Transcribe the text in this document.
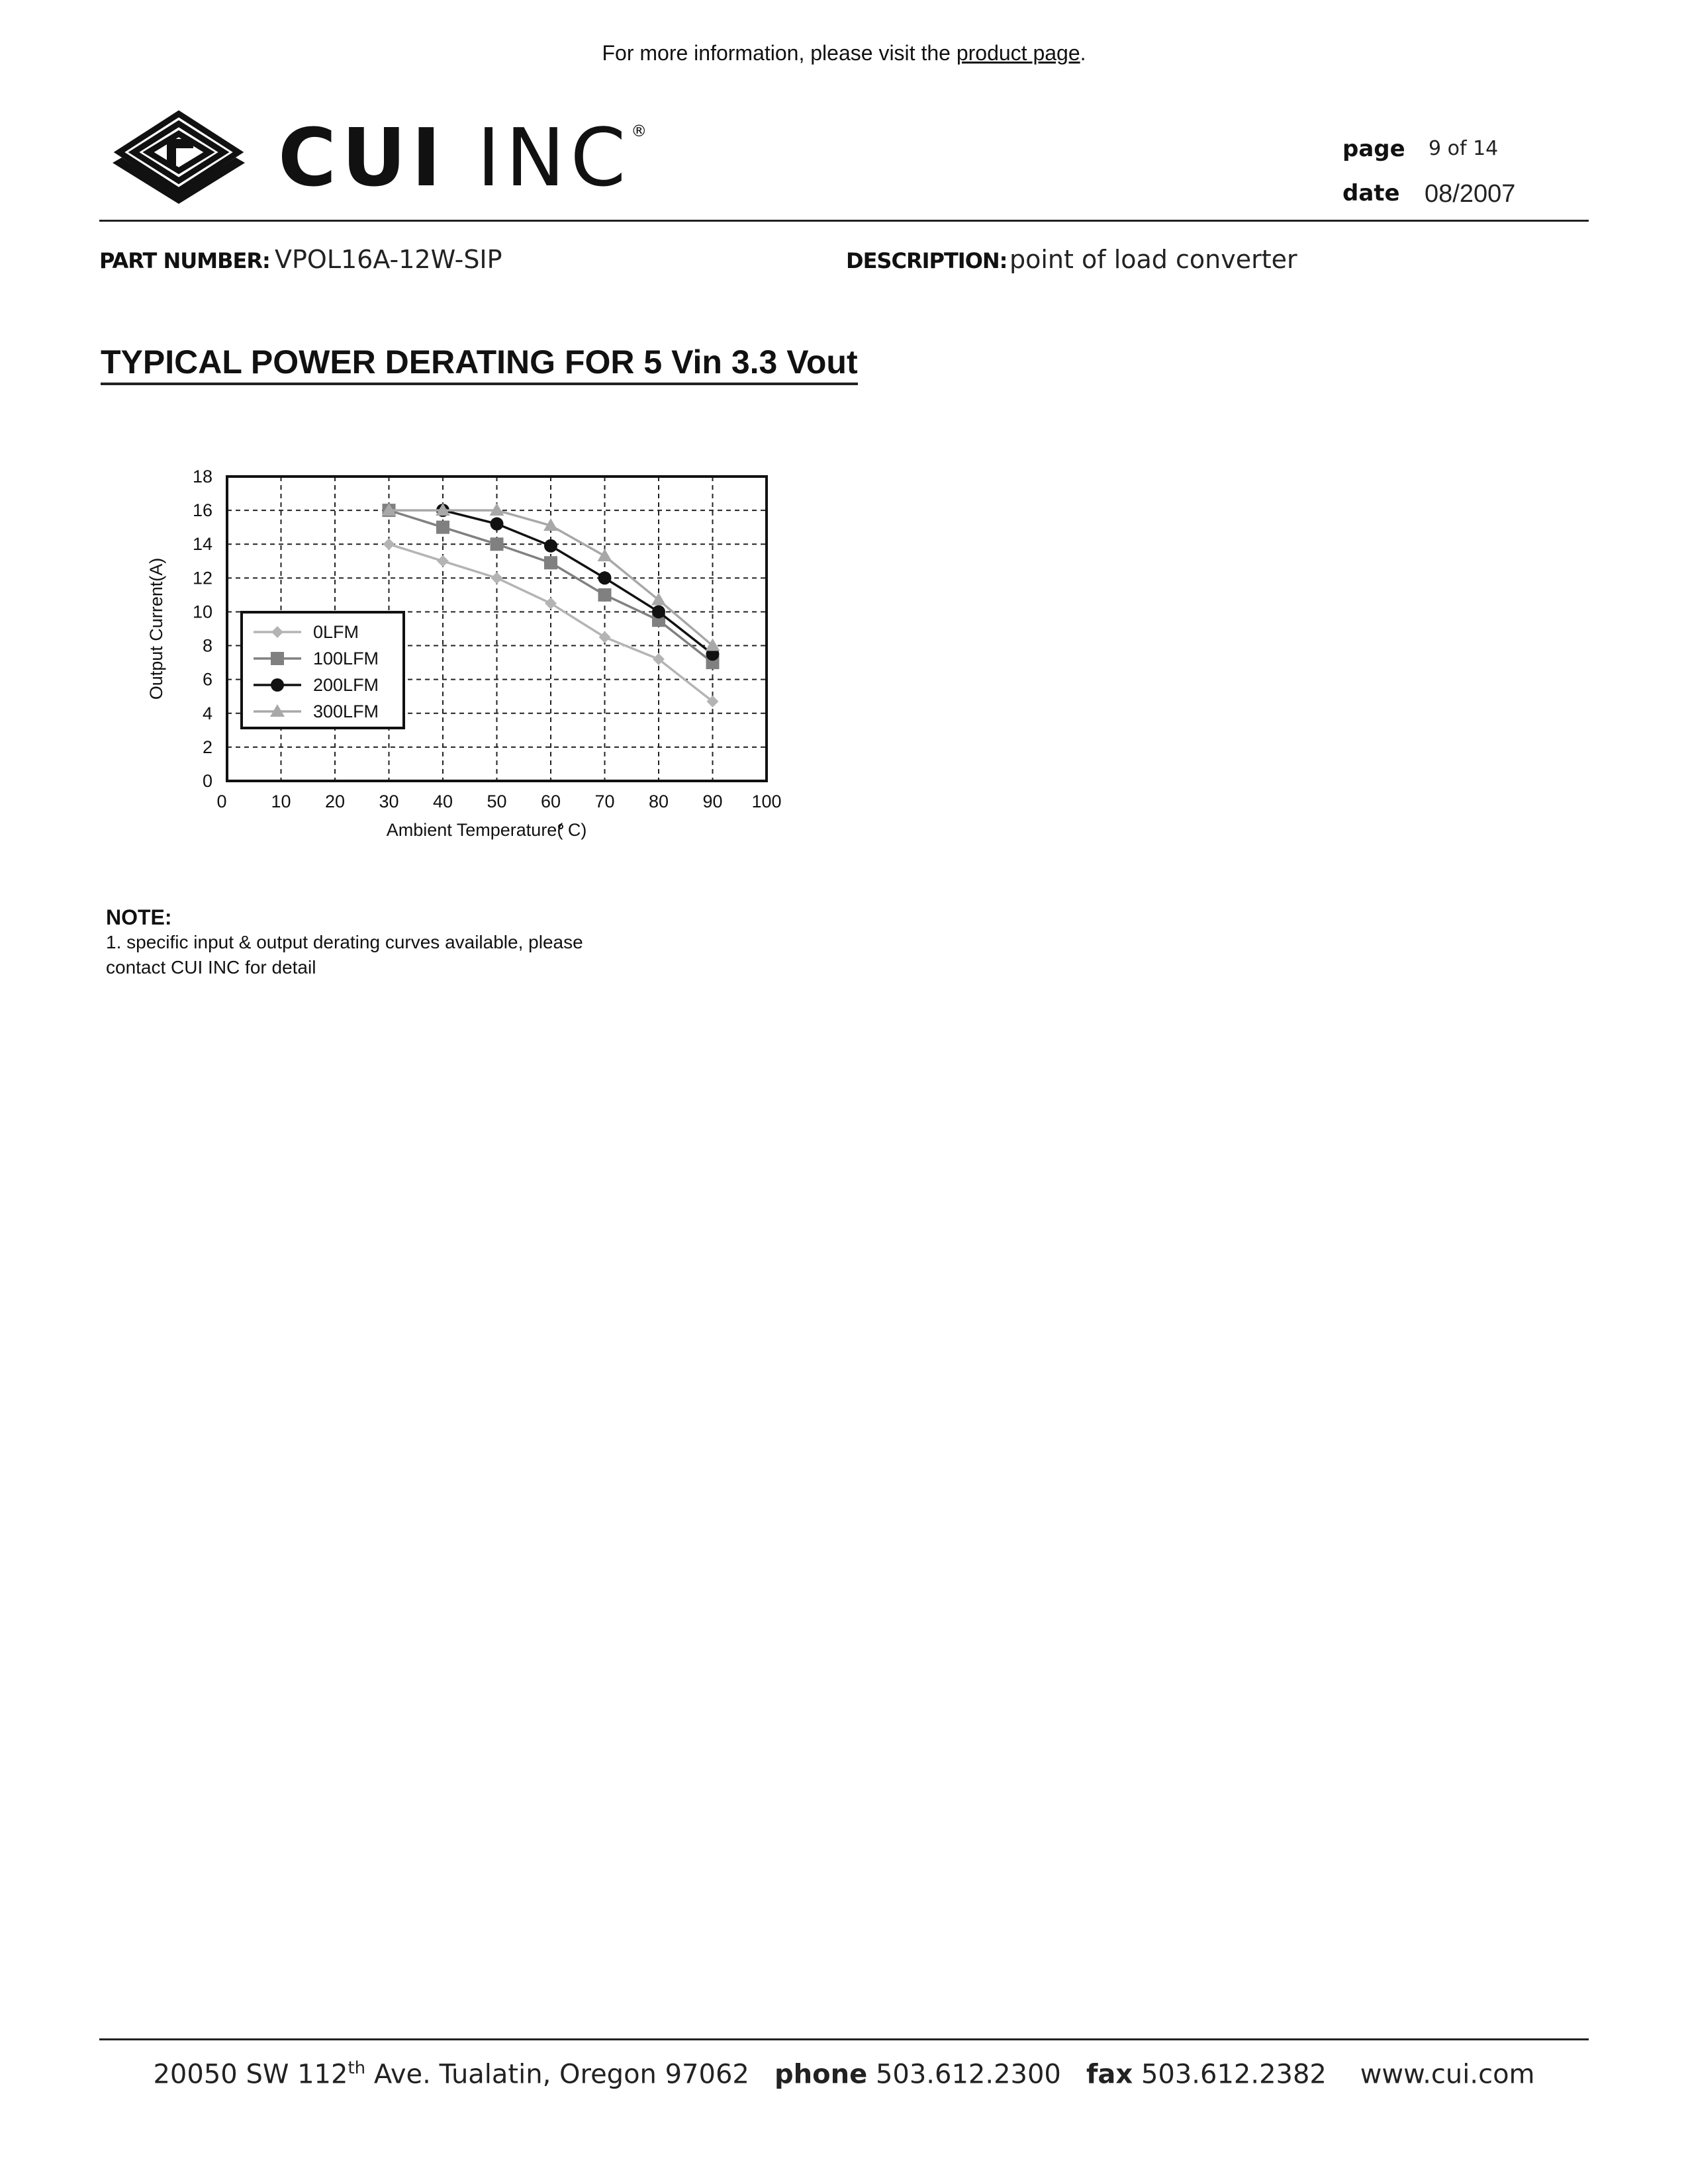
For more information, please visit the product page.
CUI INC®
page 9 of 14
date 08/2007
PART NUMBER: VPOL16A-12W-SIP	DESCRIPTION: point of load converter
TYPICAL POWER DERATING FOR 5 Vin 3.3 Vout
0 10 20 30 40 50 60 70 80 90 100
0
2
4
6
8
10
12
14
16
18
Ambient Temperature( C)
Output Current(A)	0LFM
100LFM
200LFM
300LFM
NOTE:
1. specific input & output derating curves available, please
contact CUI INC for detail
20050 SW 112th Ave. Tualatin, Oregon 97062 phone 503.612.2300 fax 503.612.2382 www.cui.com
